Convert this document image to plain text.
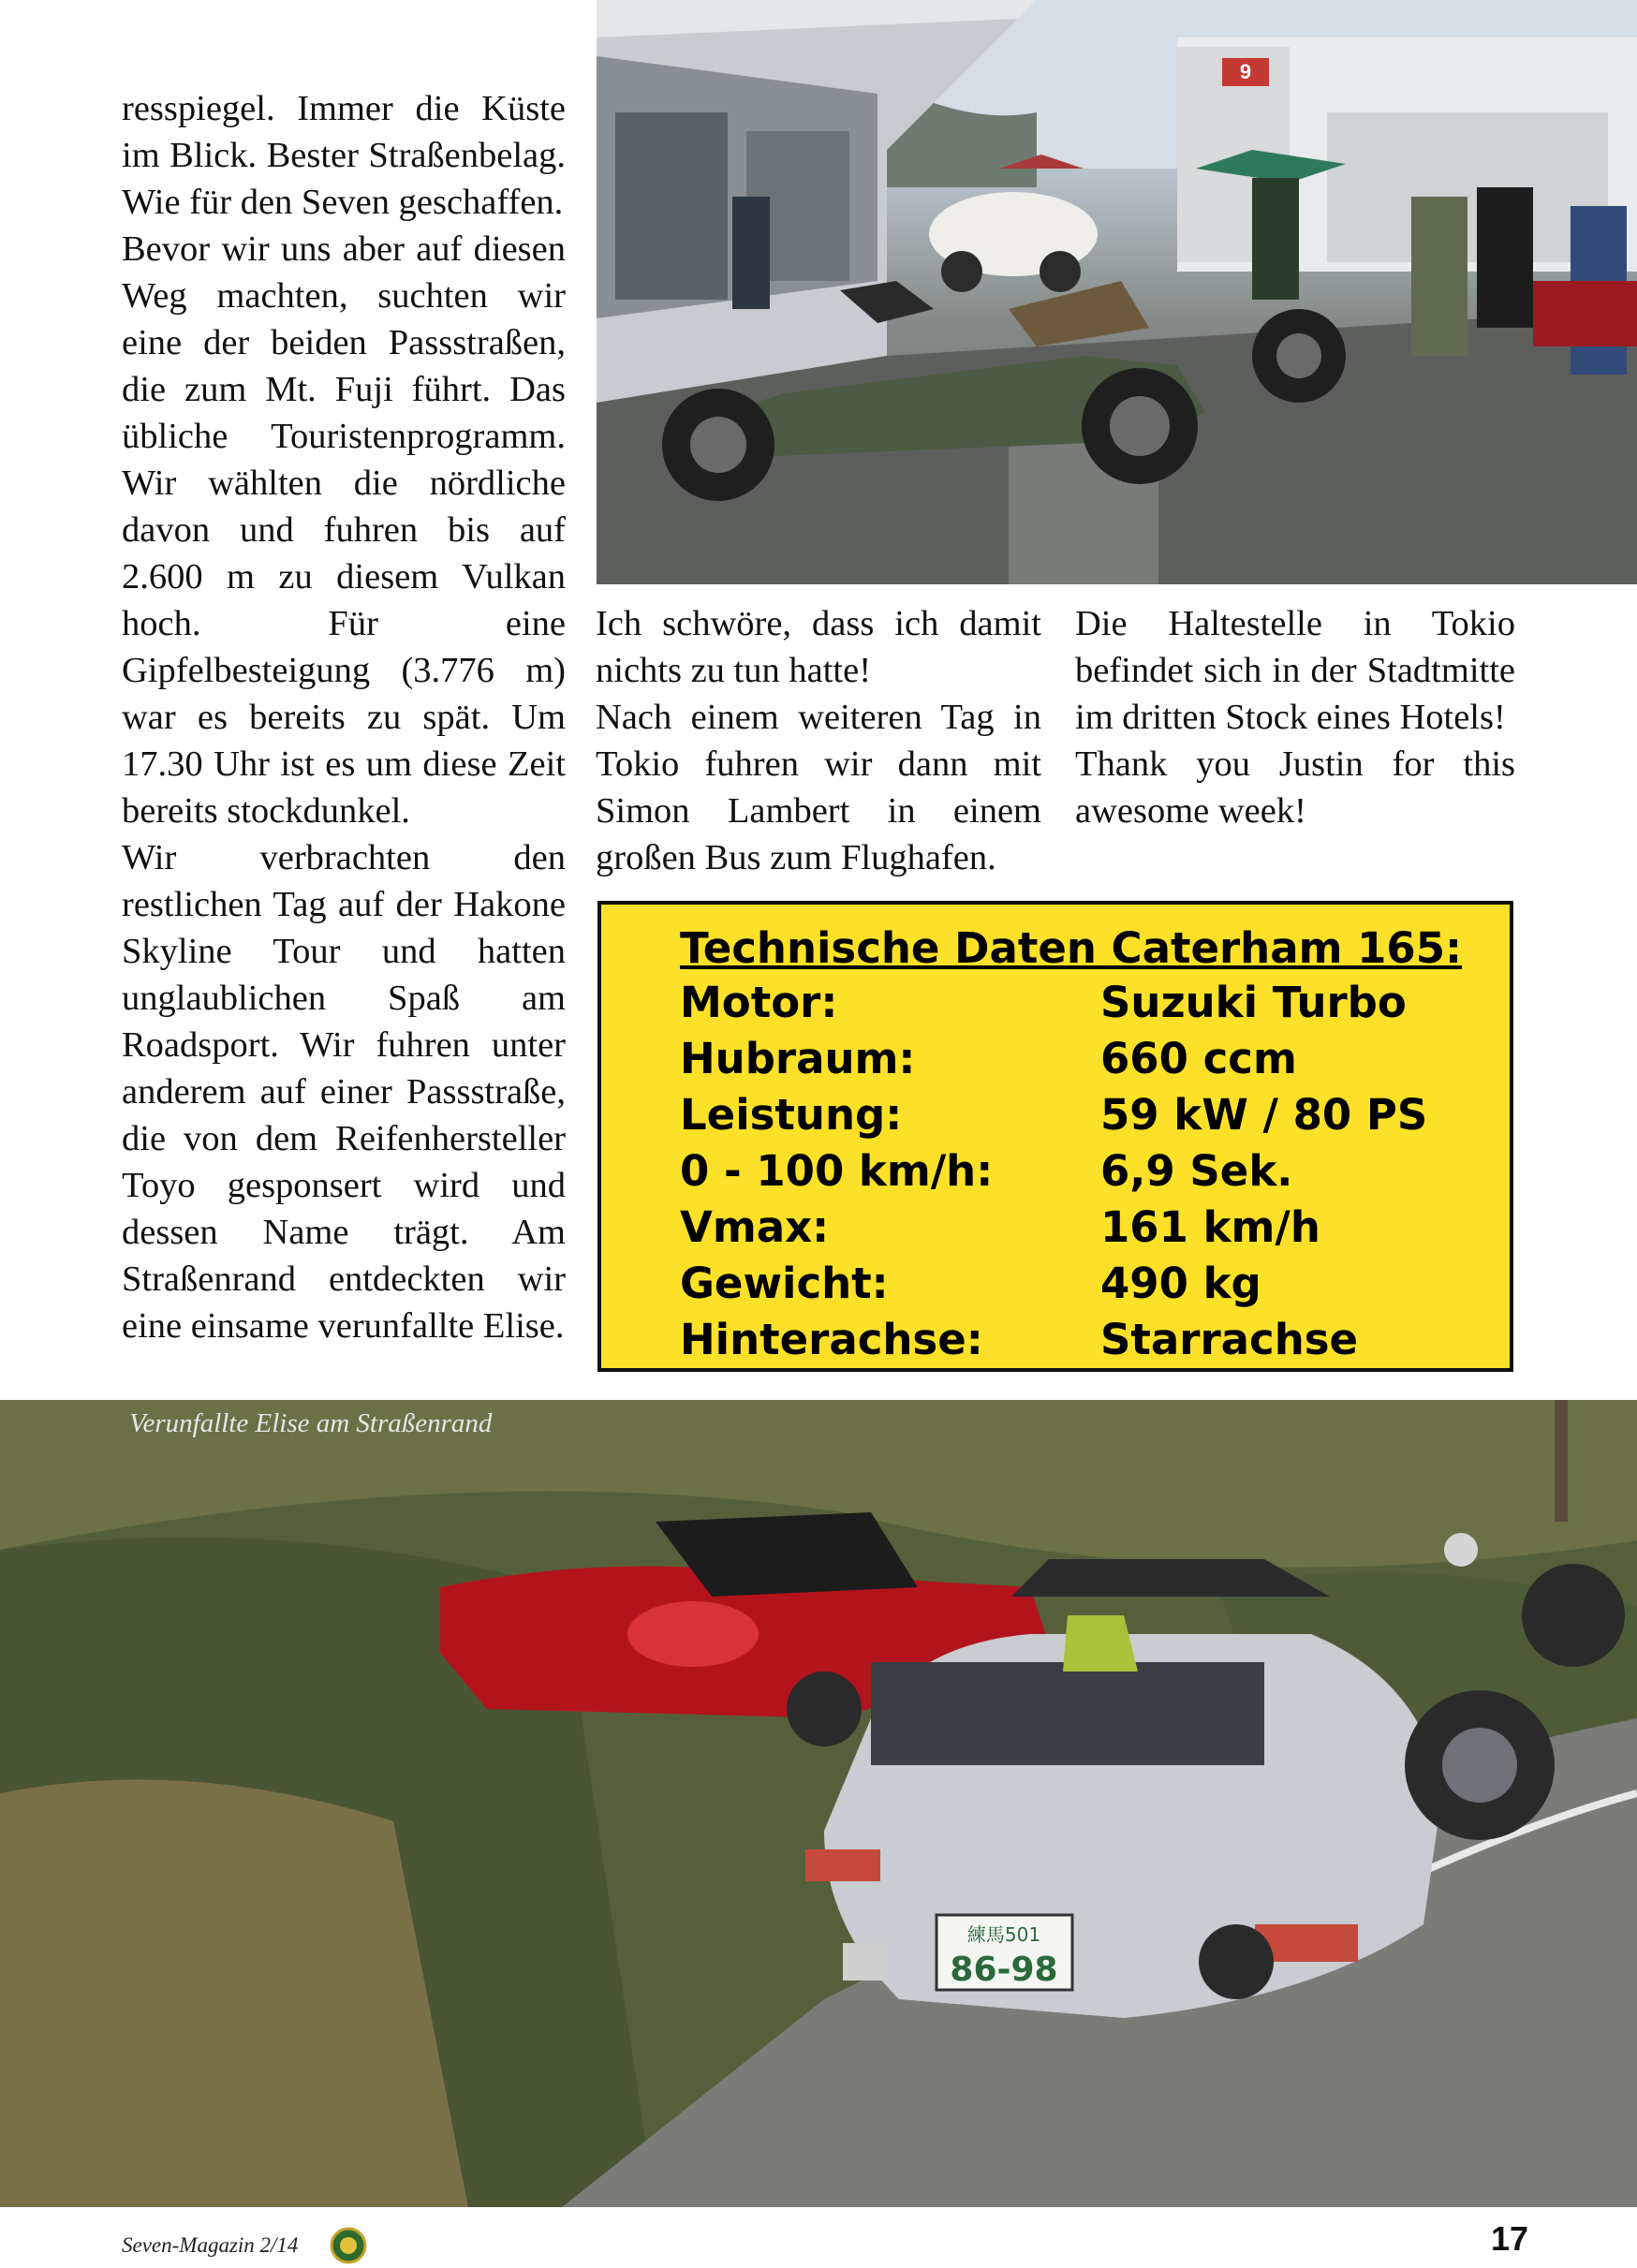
resspiegel. Immer die Küste im Blick. Bester Straßenbelag. Wie für den Seven geschaffen.

Bevor wir uns aber auf diesen Weg machten, suchten wir eine der beiden Passstraßen, die zum Mt. Fuji führt. Das übliche Touristenprogramm. Wir wählten die nördliche davon und fuhren bis auf 2.600 m zu diesem Vulkan hoch. Für eine Gipfelbesteigung (3.776 m) war es bereits zu spät. Um 17.30 Uhr ist es um diese Zeit bereits stockdunkel.

Wir verbrachten den restlichen Tag auf der Hakone Skyline Tour und hatten unglaublichen Spaß am Roadsport. Wir fuhren unter anderem auf einer Passstraße, die von dem Reifenhersteller Toyo gesponsert wird und dessen Name trägt. Am Straßenrand entdeckten wir eine einsame verunfallte Elise.

9

Ich schwöre, dass ich damit nichts zu tun hatte!

Nach einem weiteren Tag in Tokio fuhren wir dann mit Simon Lambert in einem großen Bus zum Flughafen.

Die Haltestelle in Tokio befindet sich in der Stadtmitte im dritten Stock eines Hotels!

Thank you Justin for this awesome week!

Technische Daten Caterham 165:
Motor:	Suzuki Turbo
Hubraum:	660 ccm
Leistung:	59 kW / 80 PS
0 - 100 km/h:	6,9 Sek.
Vmax:	161 km/h
Gewicht:	490 kg
Hinterachse:	Starrachse
練馬501
86-98
Verunfallte Elise am Straßenrand
Seven-Magazin 2/14	17
